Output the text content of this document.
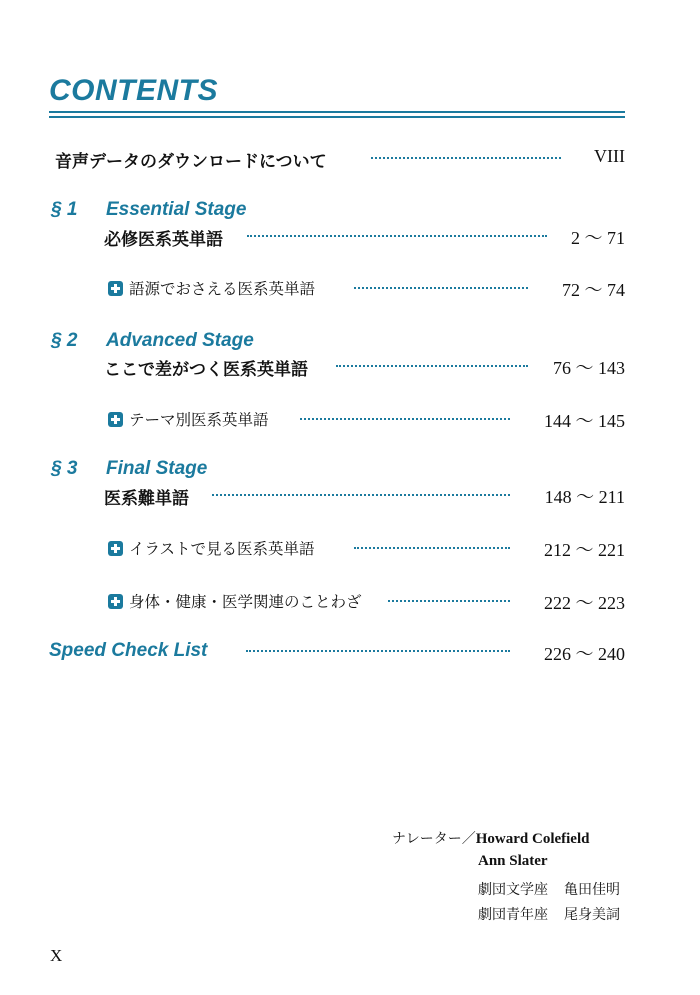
CONTENTS
音声データのダウンロードについて	VIII
§ 1 Essential Stage
必修医系英単語	2 ～ 71
語源でおさえる医系英単語	72 ～ 74
§ 2 Advanced Stage
ここで差がつく医系英単語	76 ～ 143
テーマ別医系英単語	144 ～ 145
§ 3 Final Stage
医系難単語	148 ～ 211
イラストで見る医系英単語	212 ～ 221
身体・健康・医学関連のことわざ	222 ～ 223
Speed Check List	226 ～ 240
ナレーター／Howard Colefield
Ann Slater
劇団文学座 亀田佳明
劇団青年座 尾身美詞
X
